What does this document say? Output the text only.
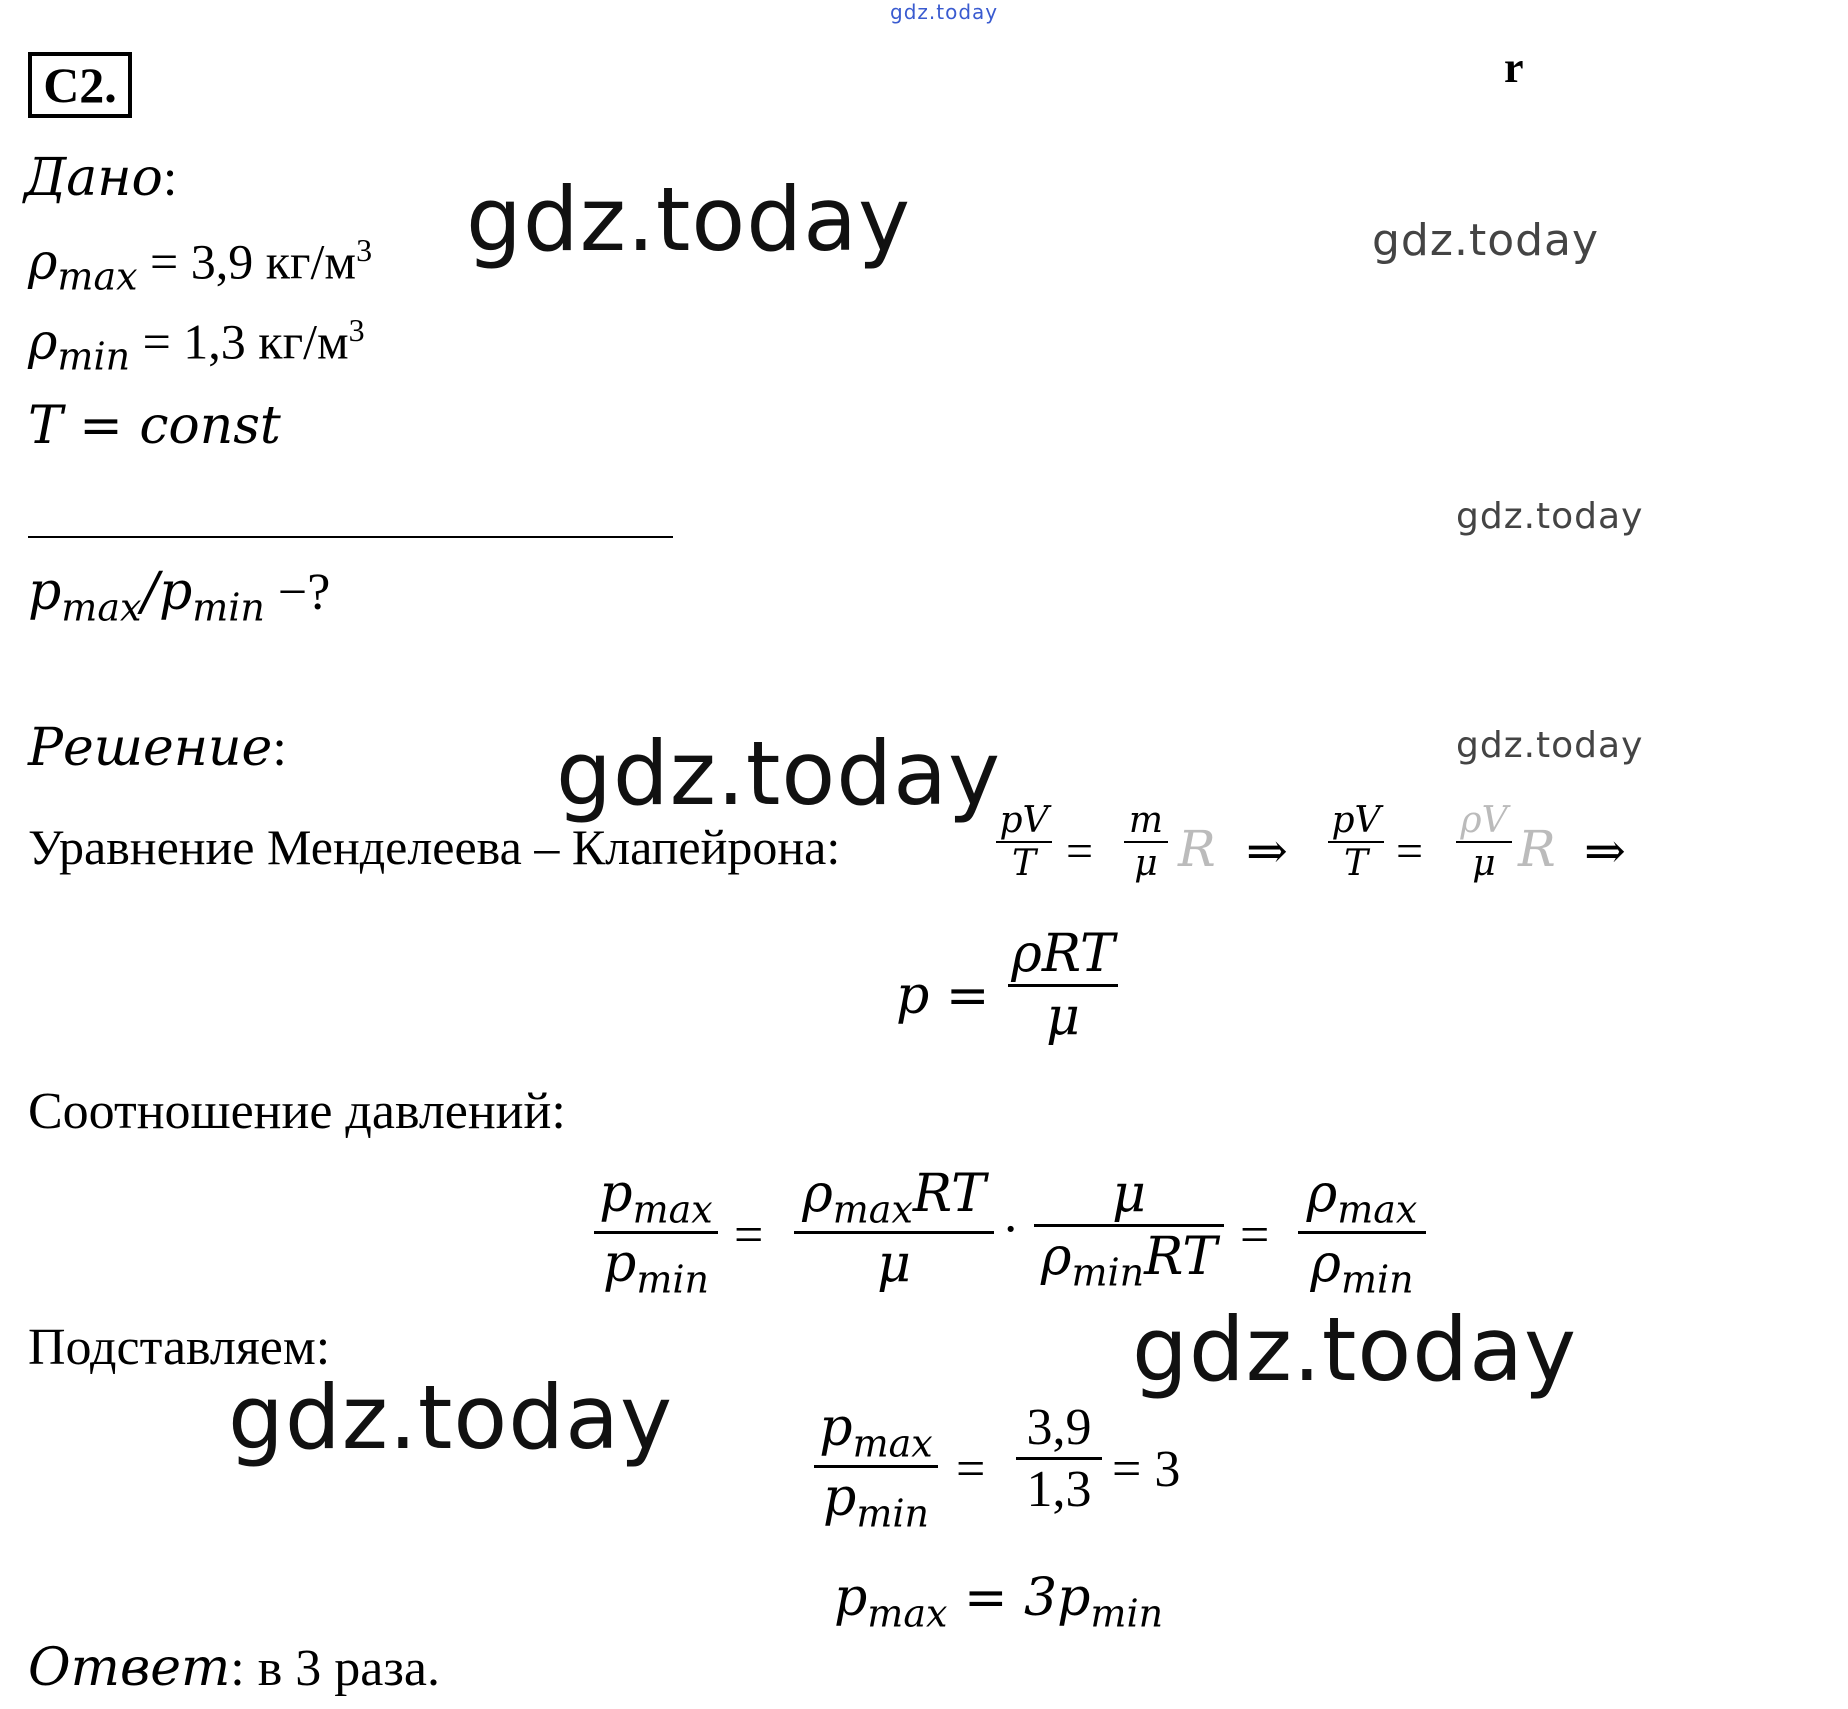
gdz.today
gdz.today	gdz.today
gdz.today
gdz.today
gdz.today
gdz.today
gdz.today
С2.	r
Дано:
$\rho_{max} = 3,9$ $кг/м^3$
$\rho_{min} = 1,3$ $кг/м^3$
T = const
$p_{max}/p_{min}$ −?
Решение:
Уравнение Менделеева – Клапейрона:	pV
T =
m
μ R ⇒
pV
T =
ρV
μ R ⇒
p =
ρRT
μ
Соотношение давлений:
$p_{max}$
$p_{min}$
=
$\rho_{max}RT$
μ
·
μ
$\rho_{min}RT$ =
$\rho_{max}$
$\rho_{min}$
Подставляем:
$p_{max}$
$p_{min}$
=
3,9
1,3 = 3
$p_{max} = 3p_{min}$
Ответ: в 3 раза.
